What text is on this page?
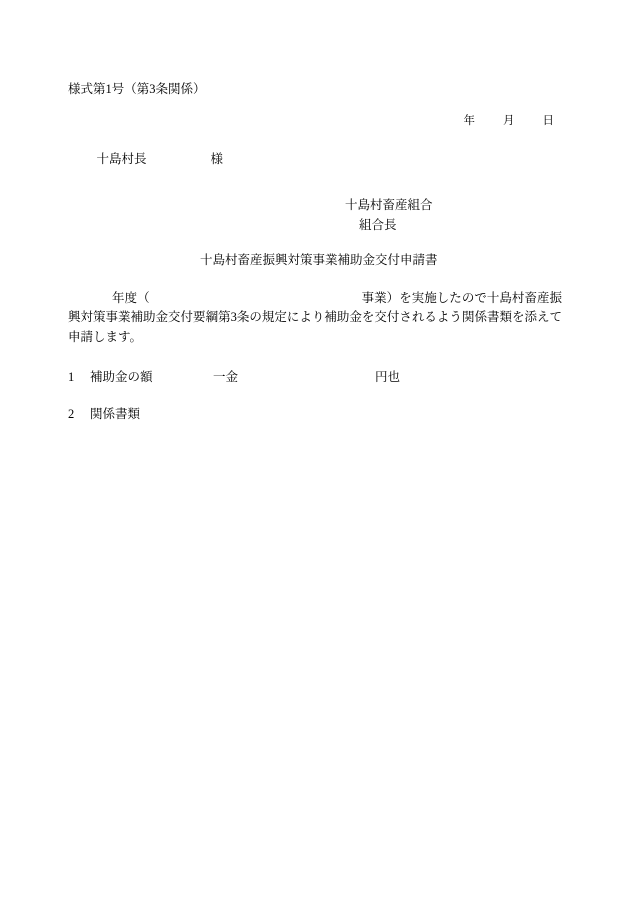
様式第1号（第3条関係）

年 月 日

十島村長	様

十島村畜産組合
組合長
十島村畜産振興対策事業補助金交付申請書
年度（	事業）を実施したので十島村畜産振興対策事業補助金交付要綱第3条の規定により補助金を交付されるよう関係書類を添えて申請します。
1 補助金の額	一金	円也
2 関係書類
